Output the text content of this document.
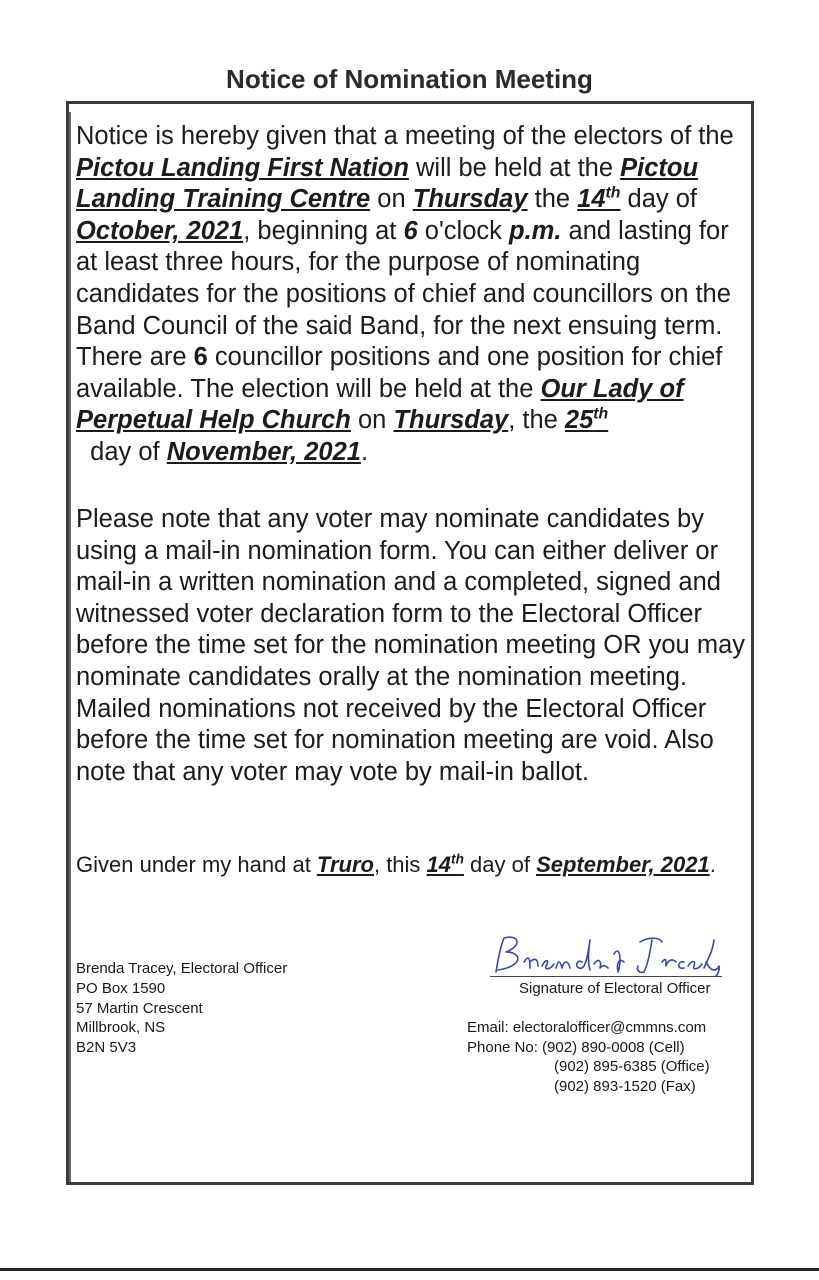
Notice of Nomination Meeting
Notice is hereby given that a meeting of the electors of the Pictou Landing First Nation will be held at the Pictou Landing Training Centre on Thursday the 14th day of October, 2021, beginning at 6 o'clock p.m. and lasting for at least three hours, for the purpose of nominating candidates for the positions of chief and councillors on the Band Council of the said Band, for the next ensuing term. There are 6 councillor positions and one position for chief available. The election will be held at the Our Lady of Perpetual Help Church on Thursday, the 25th  day of November, 2021.
Please note that any voter may nominate candidates by using a mail-in nomination form. You can either deliver or mail-in a written nomination and a completed, signed and witnessed voter declaration form to the Electoral Officer before the time set for the nomination meeting OR you may nominate candidates orally at the nomination meeting. Mailed nominations not received by the Electoral Officer before the time set for nomination meeting are void. Also note that any voter may vote by mail-in ballot.
Given under my hand at Truro, this 14th day of September, 2021.
Brenda Tracey, Electoral Officer
PO Box 1590
57 Martin Crescent
Millbrook, NS
B2N 5V3
Signature of Electoral Officer
Email: electoralofficer@cmmns.com
Phone No: (902) 890-0008 (Cell)
(902) 895-6385 (Office)
(902) 893-1520 (Fax)
